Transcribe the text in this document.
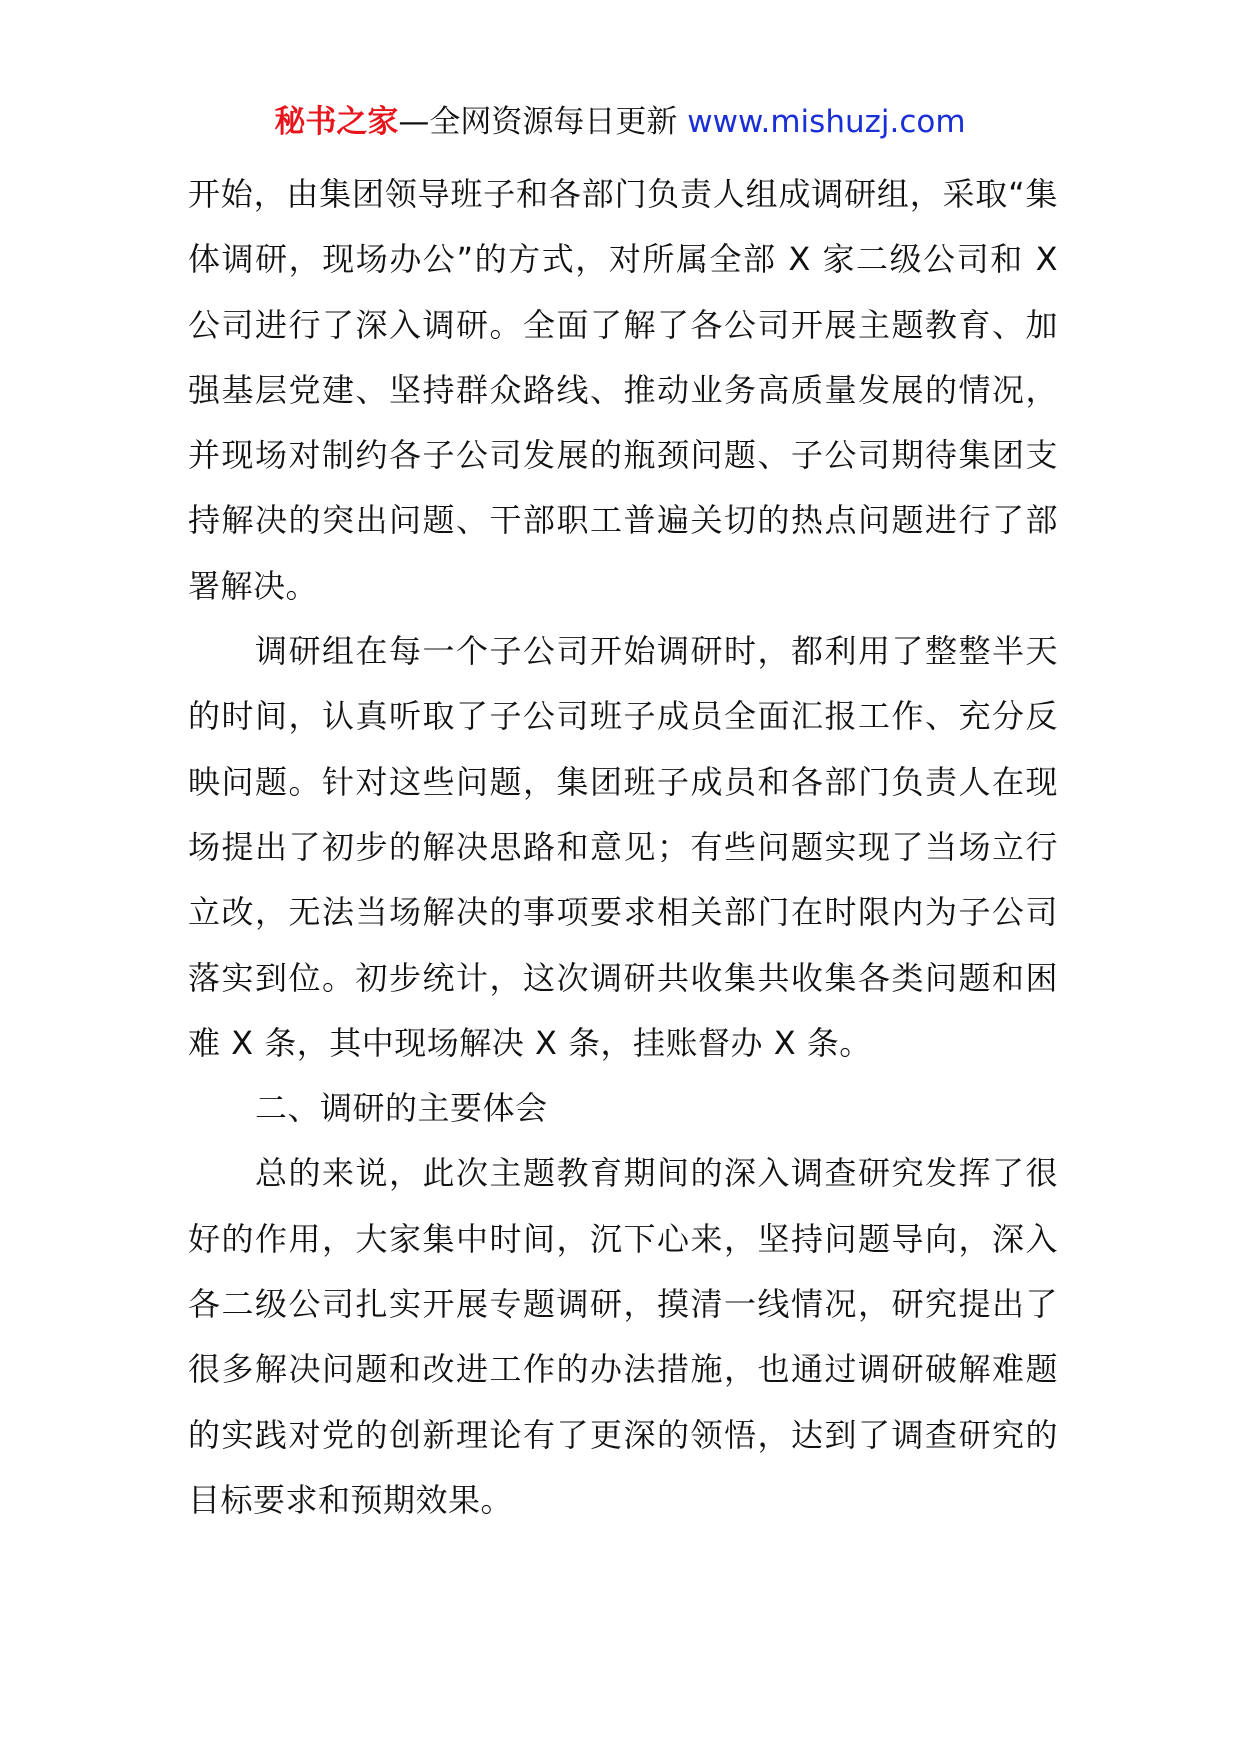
秘书之家—全网资源每日更新 www.mishuzj.com

开始，由集团领导班子和各部门负责人组成调研组，采取“集体调研，现场办公”的方式，对所属全部 X 家二级公司和 X 公司进行了深入调研。全面了解了各公司开展主题教育、加强基层党建、坚持群众路线、推动业务高质量发展的情况，并现场对制约各子公司发展的瓶颈问题、子公司期待集团支持解决的突出问题、干部职工普遍关切的热点问题进行了部署解决。

调研组在每一个子公司开始调研时，都利用了整整半天的时间，认真听取了子公司班子成员全面汇报工作、充分反映问题。针对这些问题，集团班子成员和各部门负责人在现场提出了初步的解决思路和意见；有些问题实现了当场立行立改，无法当场解决的事项要求相关部门在时限内为子公司落实到位。初步统计，这次调研共收集共收集各类问题和困难 X 条，其中现场解决 X 条，挂账督办 X 条。

二、调研的主要体会

总的来说，此次主题教育期间的深入调查研究发挥了很好的作用，大家集中时间，沉下心来，坚持问题导向，深入各二级公司扎实开展专题调研，摸清一线情况，研究提出了很多解决问题和改进工作的办法措施，也通过调研破解难题的实践对党的创新理论有了更深的领悟，达到了调查研究的目标要求和预期效果。
